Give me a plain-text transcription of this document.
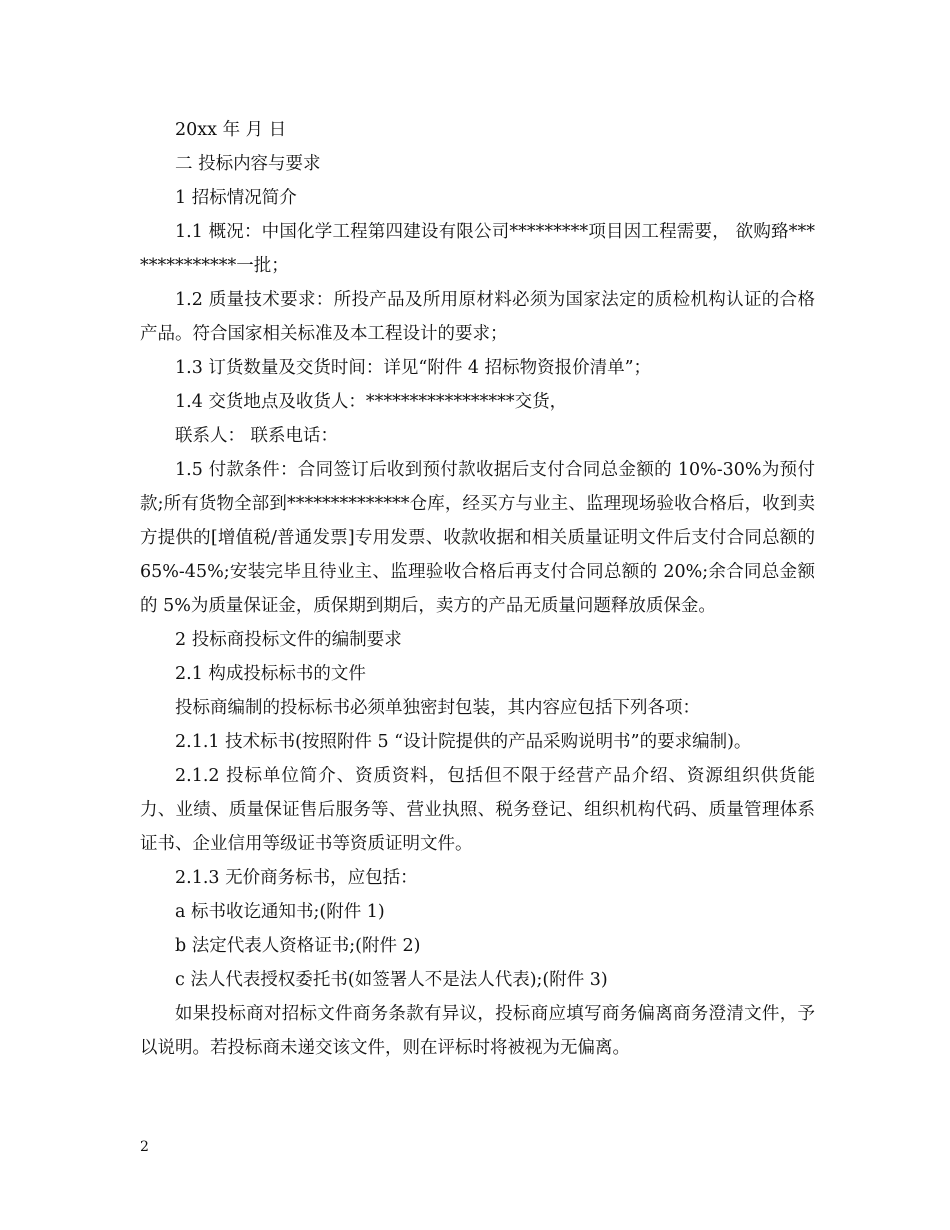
20xx 年 月 日

二 投标内容与要求

1 招标情况简介

1.1 概况：中国化学工程第四建设有限公司*********项目因工程需要， 欲购臵**************一批；

1.2 质量技术要求：所投产品及所用原材料必须为国家法定的质检机构认证的合格产品。符合国家相关标准及本工程设计的要求；

1.3 订货数量及交货时间：详见“附件 4 招标物资报价清单”；

1.4 交货地点及收货人：*****************交货，

联系人： 联系电话：

1.5 付款条件：合同签订后收到预付款收据后支付合同总金额的 10%-30%为预付款;所有货物全部到**************仓库，经买方与业主、监理现场验收合格后，收到卖方提供的[增值税/普通发票]专用发票、收款收据和相关质量证明文件后支付合同总额的 65%-45%;安装完毕且待业主、监理验收合格后再支付合同总额的 20%;余合同总金额的 5%为质量保证金，质保期到期后，卖方的产品无质量问题释放质保金。

2 投标商投标文件的编制要求

2.1 构成投标标书的文件

投标商编制的投标标书必须单独密封包装，其内容应包括下列各项：

2.1.1 技术标书(按照附件 5 “设计院提供的产品采购说明书”的要求编制)。

2.1.2 投标单位简介、资质资料，包括但不限于经营产品介绍、资源组织供货能力、业绩、质量保证售后服务等、营业执照、税务登记、组织机构代码、质量管理体系证书、企业信用等级证书等资质证明文件。

2.1.3 无价商务标书，应包括：

a 标书收讫通知书;(附件 1)

b 法定代表人资格证书;(附件 2)

c 法人代表授权委托书(如签署人不是法人代表);(附件 3)

如果投标商对招标文件商务条款有异议，投标商应填写商务偏离商务澄清文件，予以说明。若投标商未递交该文件，则在评标时将被视为无偏离。

2
